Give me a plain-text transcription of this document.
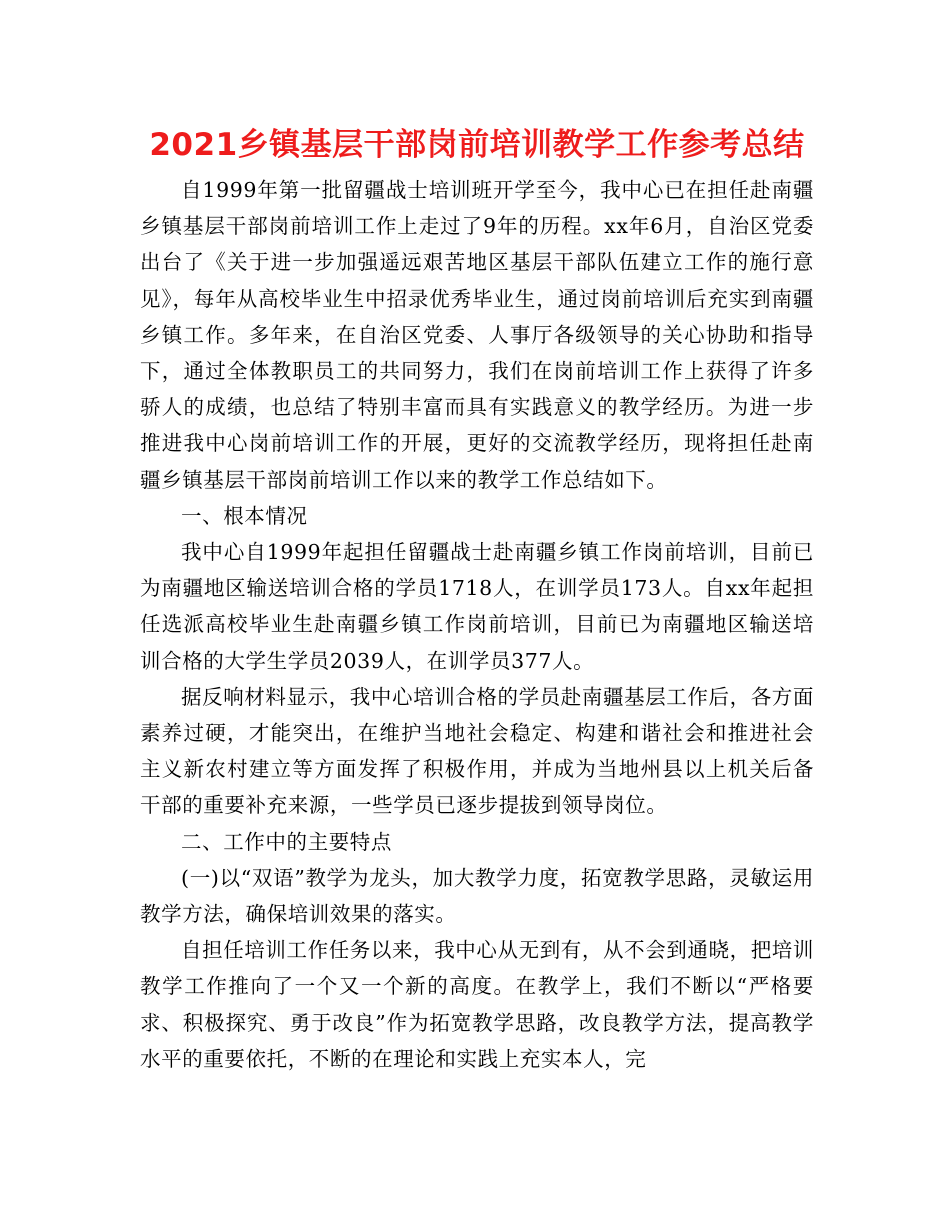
2021乡镇基层干部岗前培训教学工作参考总结

自1999年第一批留疆战士培训班开学至今，我中心已在担任赴南疆乡镇基层干部岗前培训工作上走过了9年的历程。xx年6月，自治区党委出台了《关于进一步加强遥远艰苦地区基层干部队伍建立工作的施行意见》，每年从高校毕业生中招录优秀毕业生，通过岗前培训后充实到南疆乡镇工作。多年来，在自治区党委、人事厅各级领导的关心协助和指导下，通过全体教职员工的共同努力，我们在岗前培训工作上获得了许多骄人的成绩，也总结了特别丰富而具有实践意义的教学经历。为进一步推进我中心岗前培训工作的开展，更好的交流教学经历，现将担任赴南疆乡镇基层干部岗前培训工作以来的教学工作总结如下。

一、根本情况

我中心自1999年起担任留疆战士赴南疆乡镇工作岗前培训，目前已为南疆地区输送培训合格的学员1718人，在训学员173人。自xx年起担任选派高校毕业生赴南疆乡镇工作岗前培训，目前已为南疆地区输送培训合格的大学生学员2039人，在训学员377人。

据反响材料显示，我中心培训合格的学员赴南疆基层工作后，各方面素养过硬，才能突出，在维护当地社会稳定、构建和谐社会和推进社会主义新农村建立等方面发挥了积极作用，并成为当地州县以上机关后备干部的重要补充来源，一些学员已逐步提拔到领导岗位。

二、工作中的主要特点

(一)以“双语”教学为龙头，加大教学力度，拓宽教学思路，灵敏运用教学方法，确保培训效果的落实。

自担任培训工作任务以来，我中心从无到有，从不会到通晓，把培训教学工作推向了一个又一个新的高度。在教学上，我们不断以“严格要求、积极探究、勇于改良”作为拓宽教学思路，改良教学方法，提高教学水平的重要依托，不断的在理论和实践上充实本人，完
